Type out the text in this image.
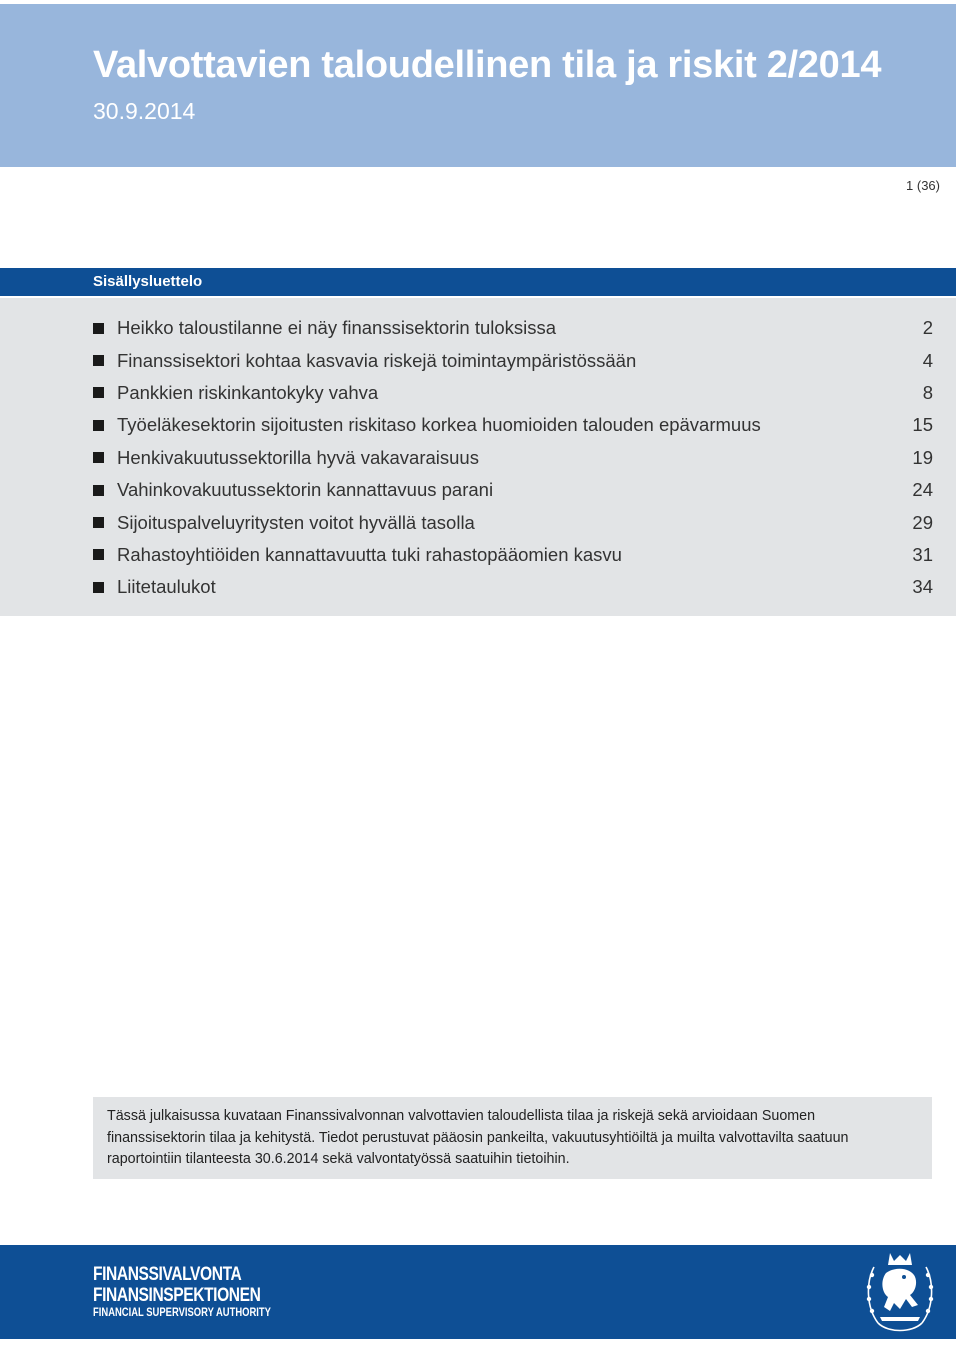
Valvottavien taloudellinen tila ja riskit 2/2014
30.9.2014
1 (36)
Sisällysluettelo
Heikko taloustilanne ei näy finanssisektorin tuloksissa	2
Finanssisektori kohtaa kasvavia riskejä toimintaympäristössään	4
Pankkien riskinkantokyky vahva	8
Työeläkesektorin sijoitusten riskitaso korkea huomioiden talouden epävarmuus	15
Henkivakuutussektorilla hyvä vakavaraisuus	19
Vahinkovakuutussektorin kannattavuus parani	24
Sijoituspalveluyritysten voitot hyvällä tasolla	29
Rahastoyhtiöiden kannattavuutta tuki rahastopääomien kasvu	31
Liitetaulukot	34

Tässä julkaisussa kuvataan Finanssivalvonnan valvottavien taloudellista tilaa ja riskejä sekä arvioidaan Suomen finanssisektorin tilaa ja kehitystä. Tiedot perustuvat pääosin pankeilta, vakuutusyhtiöiltä ja muilta valvottavilta saatuun raportointiin tilanteesta 30.6.2014 sekä valvontatyössä saatuihin tietoihin.

FINANSSIVALVONTA
FINANSINSPEKTIONEN
FINANCIAL SUPERVISORY AUTHORITY
